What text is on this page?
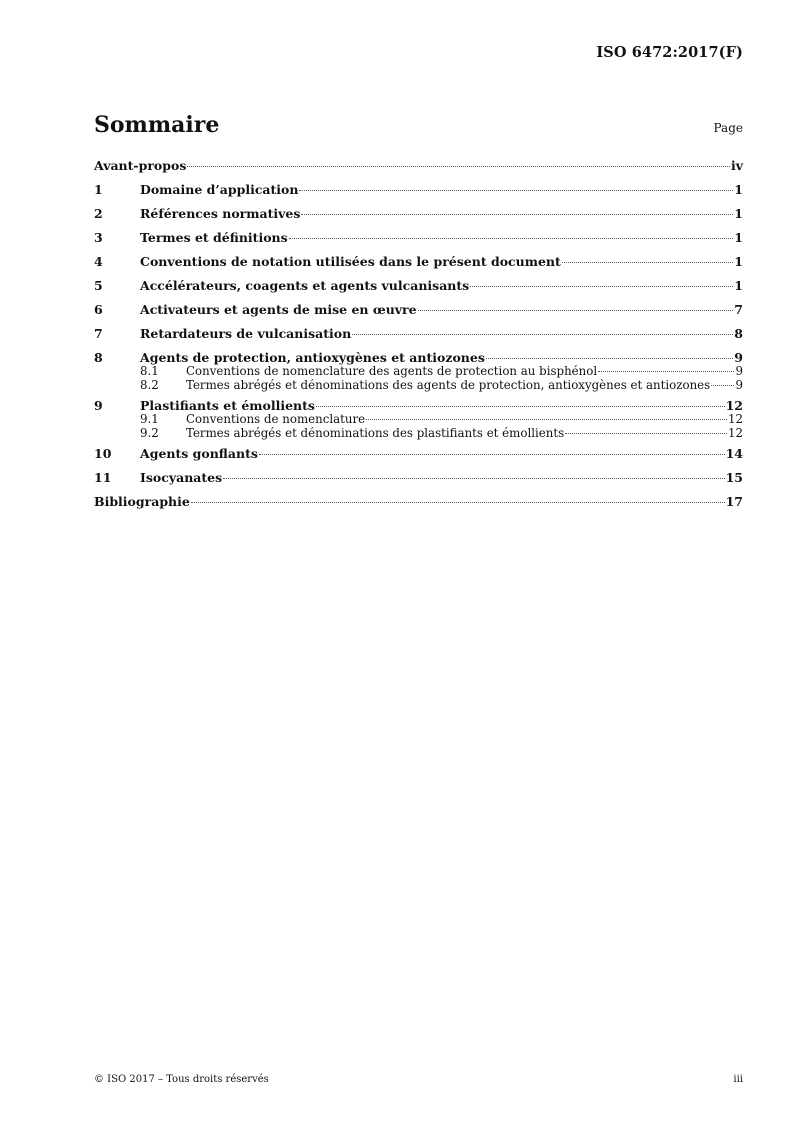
ISO 6472:2017(F)
Sommaire	Page
Avant-propos	iv
1	Domaine d’application	1
2	Références normatives	1
3	Termes et définitions	1
4	Conventions de notation utilisées dans le présent document	1
5	Accélérateurs, coagents et agents vulcanisants	1
6	Activateurs et agents de mise en œuvre	7
7	Retardateurs de vulcanisation	8
8	Agents de protection, antioxygènes et antiozones	9
8.1	Conventions de nomenclature des agents de protection au bisphénol	9
8.2	Termes abrégés et dénominations des agents de protection, antioxygènes et antiozones 9
9	Plastifiants et émollients	12
9.1	Conventions de nomenclature	12
9.2	Termes abrégés et dénominations des plastifiants et émollients	12
10	Agents gonflants	14
11	Isocyanates	15
Bibliographie	17
© ISO 2017 – Tous droits réservés	iii
